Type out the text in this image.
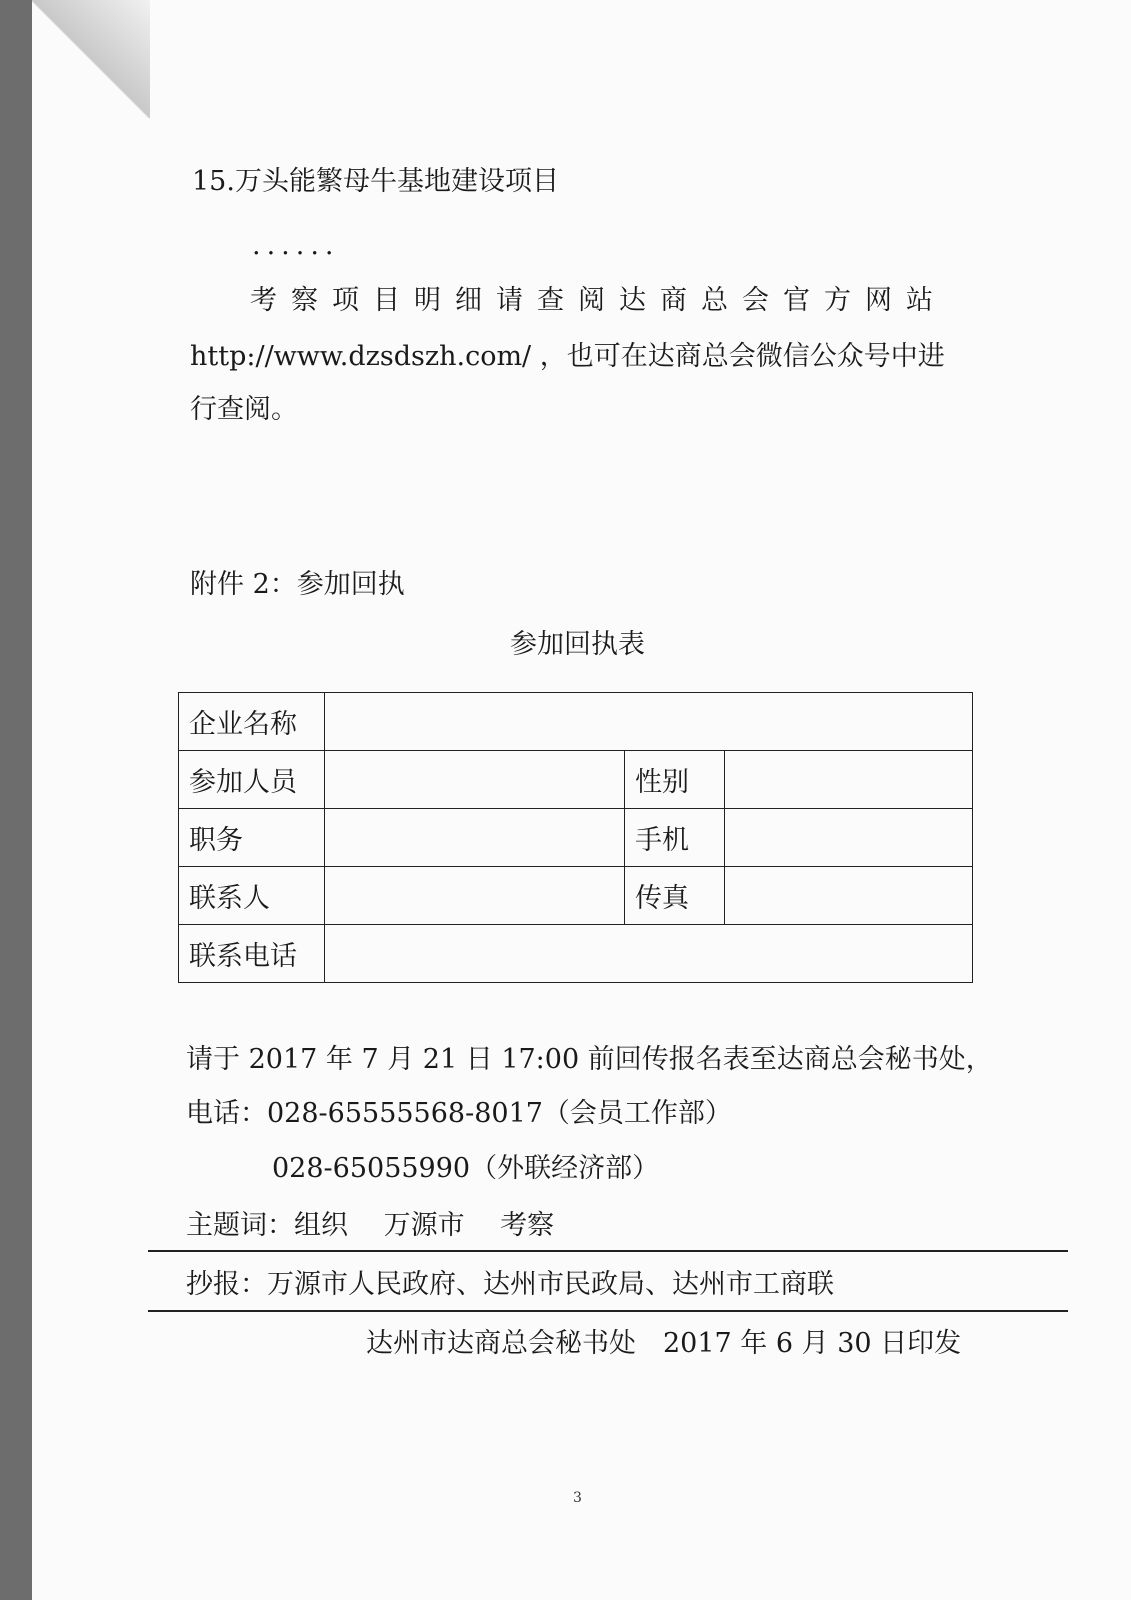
15.万头能繁母牛基地建设项目
......
考察项目明细请查阅达商总会官方网站
http://www.dzsdszh.com/ ，也可在达商总会微信公众号中进
行查阅。
附件 2：参加回执
参加回执表
企业名称			
参加人员		性别	
职务		手机	
联系人		传真	
联系电话			
请于 2017 年 7 月 21 日 17:00 前回传报名表至达商总会秘书处，
电话：028-65555568-8017（会员工作部）
028-65055990（外联经济部）
主题词：组织　 万源市　 考察
抄报：万源市人民政府、达州市民政局、达州市工商联
达州市达商总会秘书处　2017 年 6 月 30 日印发
3
